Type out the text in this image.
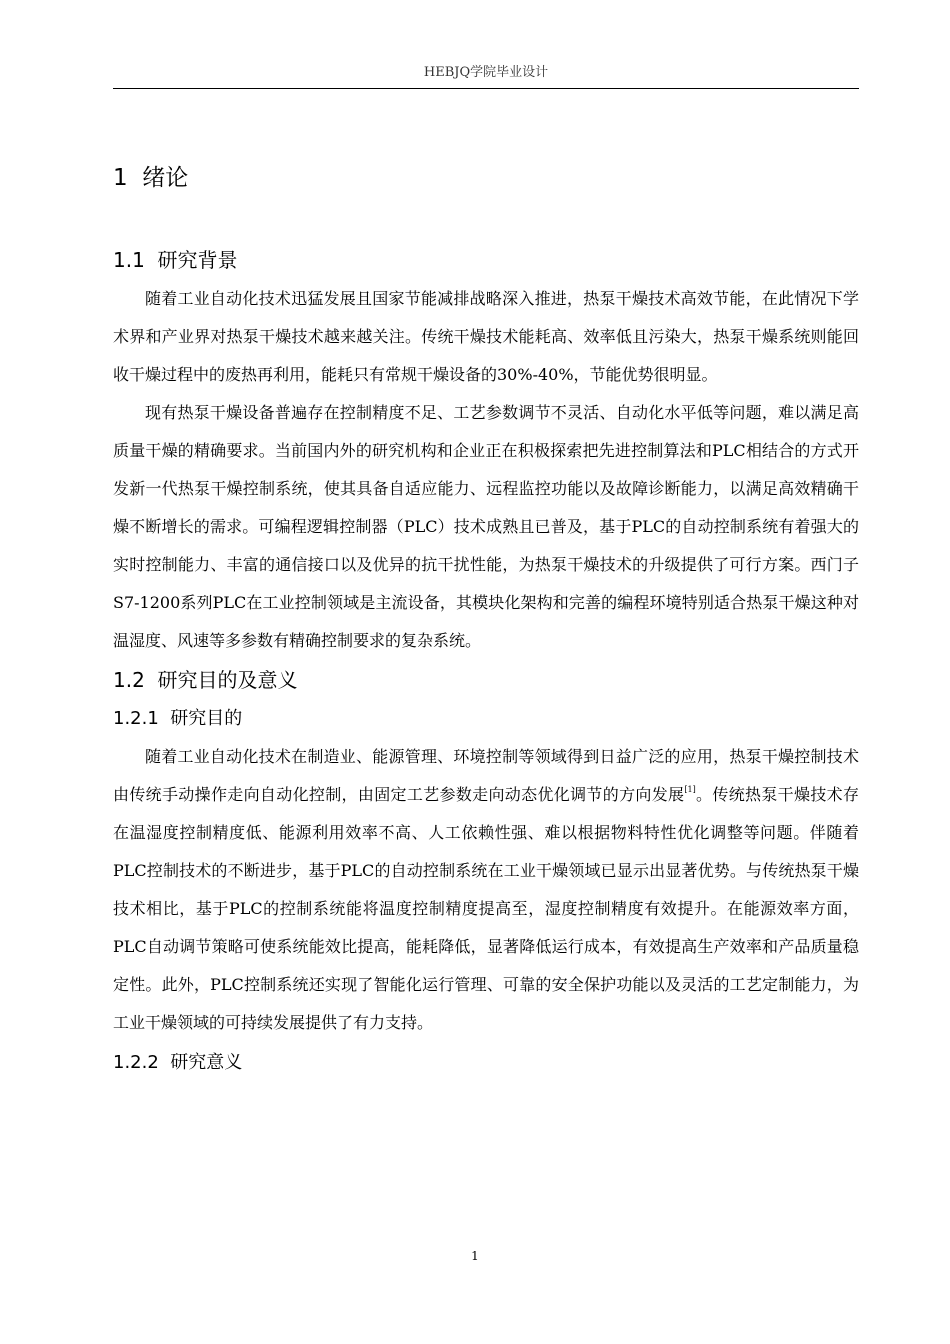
HEBJQ学院毕业设计
1  绪论
1.1  研究背景

随着工业自动化技术迅猛发展且国家节能减排战略深入推进，热泵干燥技术高效节能，在此情况下学术界和产业界对热泵干燥技术越来越关注。传统干燥技术能耗高、效率低且污染大，热泵干燥系统则能回收干燥过程中的废热再利用，能耗只有常规干燥设备的30%-40%，节能优势很明显。

现有热泵干燥设备普遍存在控制精度不足、工艺参数调节不灵活、自动化水平低等问题，难以满足高质量干燥的精确要求。当前国内外的研究机构和企业正在积极探索把先进控制算法和PLC相结合的方式开发新一代热泵干燥控制系统，使其具备自适应能力、远程监控功能以及故障诊断能力，以满足高效精确干燥不断增长的需求。可编程逻辑控制器（PLC）技术成熟且已普及，基于PLC的自动控制系统有着强大的实时控制能力、丰富的通信接口以及优异的抗干扰性能，为热泵干燥技术的升级提供了可行方案。西门子S7-1200系列PLC在工业控制领域是主流设备，其模块化架构和完善的编程环境特别适合热泵干燥这种对温湿度、风速等多参数有精确控制要求的复杂系统。

1.2  研究目的及意义
1.2.1  研究目的

随着工业自动化技术在制造业、能源管理、环境控制等领域得到日益广泛的应用，热泵干燥控制技术由传统手动操作走向自动化控制，由固定工艺参数走向动态优化调节的方向发展[1]。传统热泵干燥技术存在温湿度控制精度低、能源利用效率不高、人工依赖性强、难以根据物料特性优化调整等问题。伴随着PLC控制技术的不断进步，基于PLC的自动控制系统在工业干燥领域已显示出显著优势。与传统热泵干燥技术相比，基于PLC的控制系统能将温度控制精度提高至，湿度控制精度有效提升。在能源效率方面，PLC自动调节策略可使系统能效比提高，能耗降低，显著降低运行成本，有效提高生产效率和产品质量稳定性。此外，PLC控制系统还实现了智能化运行管理、可靠的安全保护功能以及灵活的工艺定制能力，为工业干燥领域的可持续发展提供了有力支持。

1.2.2  研究意义
1
